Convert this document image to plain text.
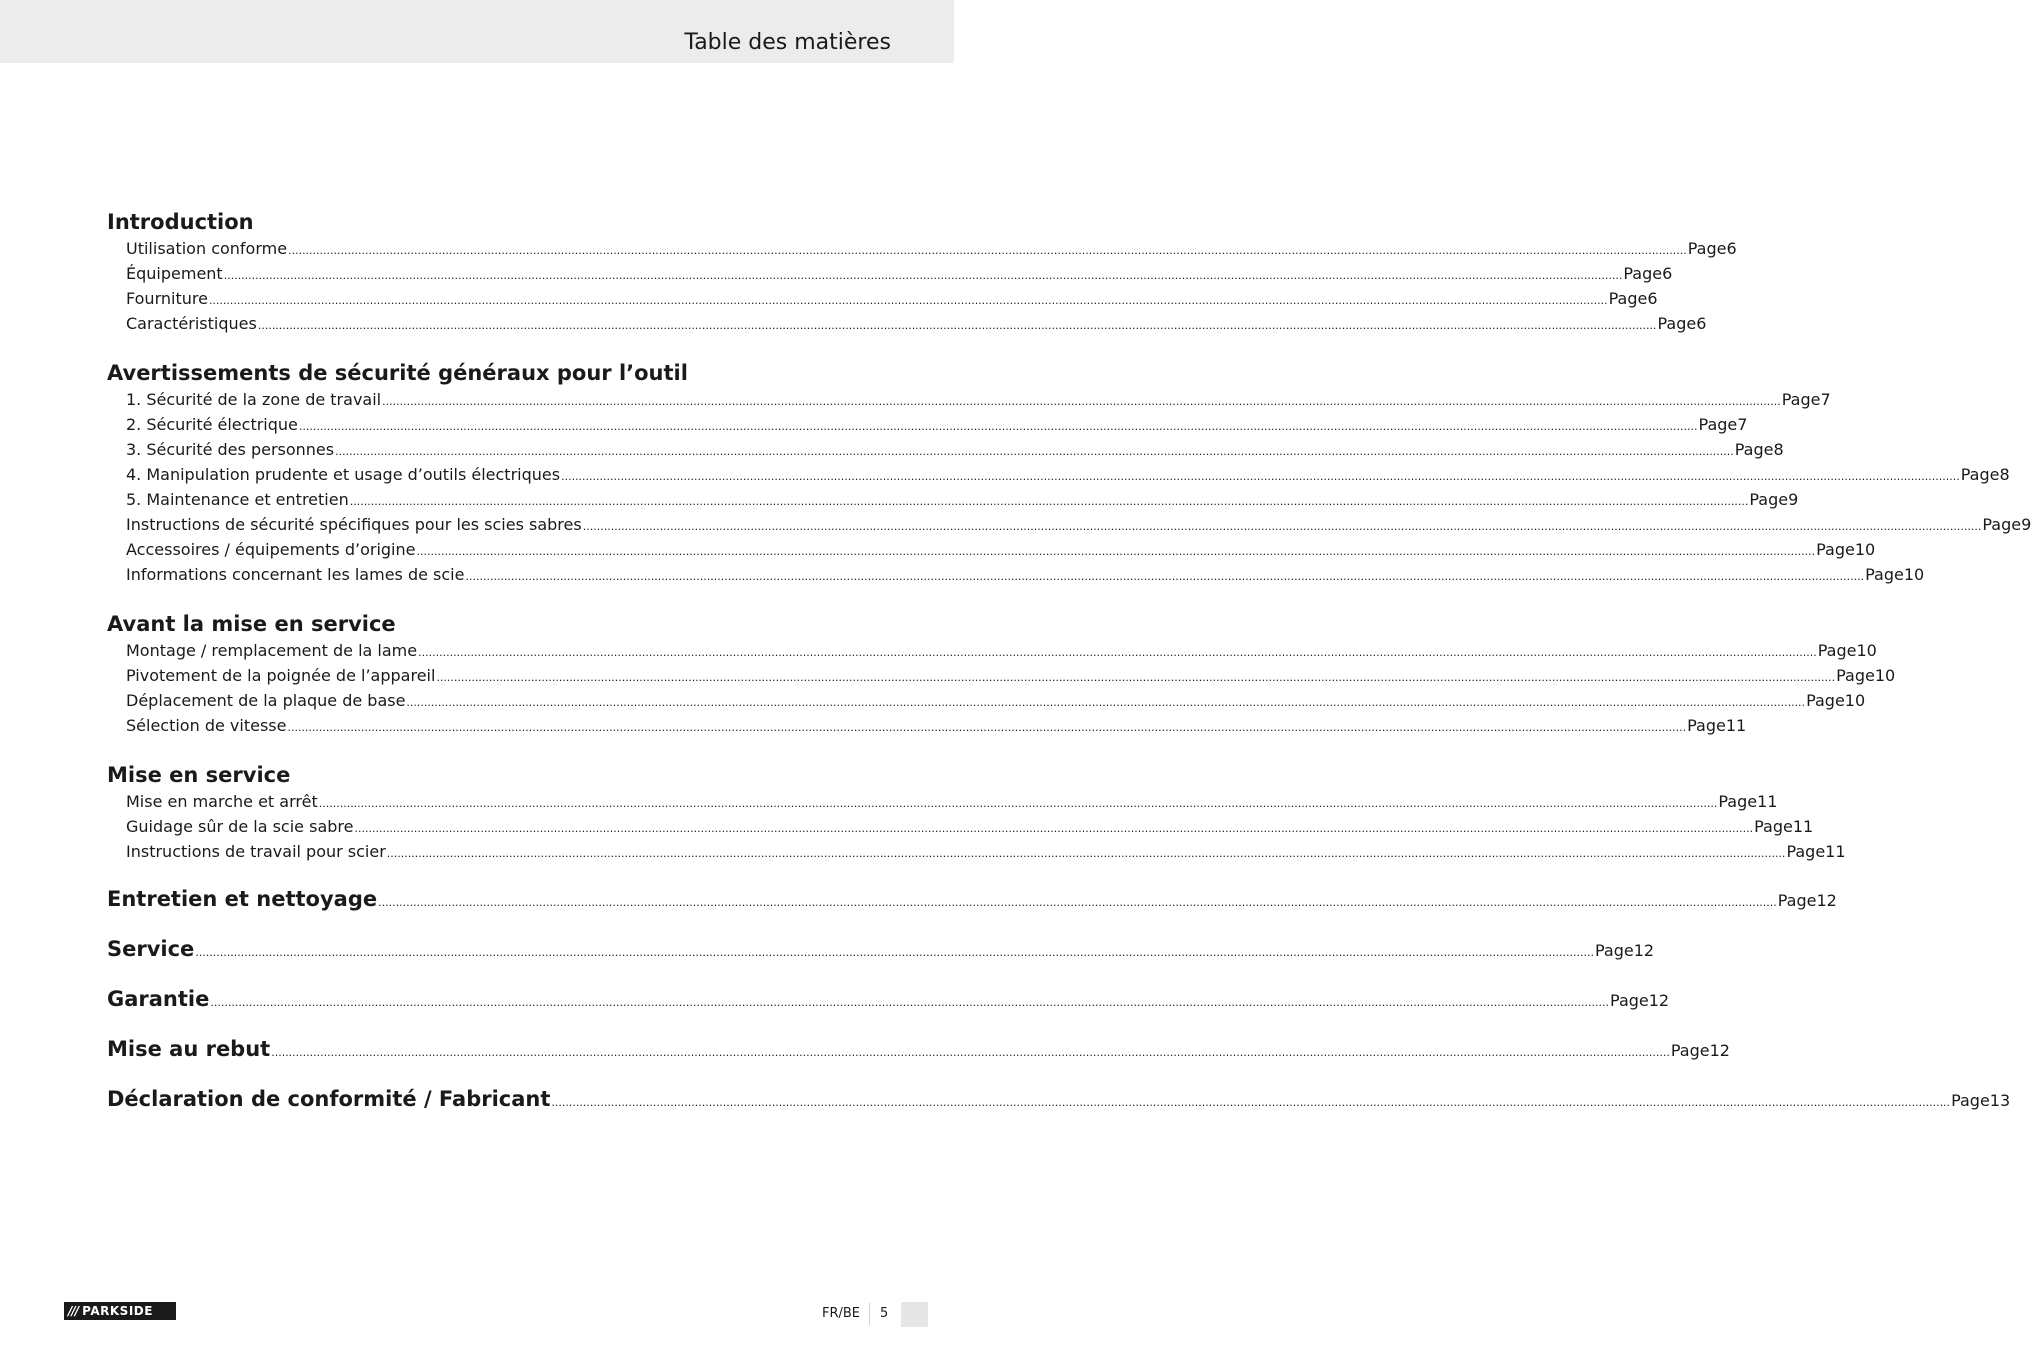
Table des matières
Introduction
Utilisation conforme ................................................................................................................................................................................................................................................................................................................................................................................................................ Page 6
Équipement ................................................................................................................................................................................................................................................................................................................................................................................................................ Page 6
Fourniture ................................................................................................................................................................................................................................................................................................................................................................................................................ Page 6
Caractéristiques ................................................................................................................................................................................................................................................................................................................................................................................................................ Page 6
Avertissements de sécurité généraux pour l’outil
1. Sécurité de la zone de travail ................................................................................................................................................................................................................................................................................................................................................................................................................ Page 7
2. Sécurité électrique ................................................................................................................................................................................................................................................................................................................................................................................................................ Page 7
3. Sécurité des personnes ................................................................................................................................................................................................................................................................................................................................................................................................................ Page 8
4. Manipulation prudente et usage d’outils électriques ................................................................................................................................................................................................................................................................................................................................................................................................................ Page 8
5. Maintenance et entretien ................................................................................................................................................................................................................................................................................................................................................................................................................ Page 9
Instructions de sécurité spécifiques pour les scies sabres ................................................................................................................................................................................................................................................................................................................................................................................................................ Page 9
Accessoires / équipements d’origine ................................................................................................................................................................................................................................................................................................................................................................................................................ Page 10
Informations concernant les lames de scie ................................................................................................................................................................................................................................................................................................................................................................................................................ Page 10
Avant la mise en service
Montage / remplacement de la lame ................................................................................................................................................................................................................................................................................................................................................................................................................ Page 10
Pivotement de la poignée de l’appareil ................................................................................................................................................................................................................................................................................................................................................................................................................ Page 10
Déplacement de la plaque de base ................................................................................................................................................................................................................................................................................................................................................................................................................ Page 10
Sélection de vitesse ................................................................................................................................................................................................................................................................................................................................................................................................................ Page 11
Mise en service
Mise en marche et arrêt ................................................................................................................................................................................................................................................................................................................................................................................................................ Page 11
Guidage sûr de la scie sabre ................................................................................................................................................................................................................................................................................................................................................................................................................ Page 11
Instructions de travail pour scier ................................................................................................................................................................................................................................................................................................................................................................................................................ Page 11
Entretien et nettoyage ................................................................................................................................................................................................................................................................................................................................................................................................................ Page 12
Service ................................................................................................................................................................................................................................................................................................................................................................................................................ Page 12
Garantie ................................................................................................................................................................................................................................................................................................................................................................................................................ Page 12
Mise au rebut ................................................................................................................................................................................................................................................................................................................................................................................................................ Page 12
Déclaration de conformité / Fabricant ................................................................................................................................................................................................................................................................................................................................................................................................................ Page 13
/// PARKSIDE	FR/BE 5
